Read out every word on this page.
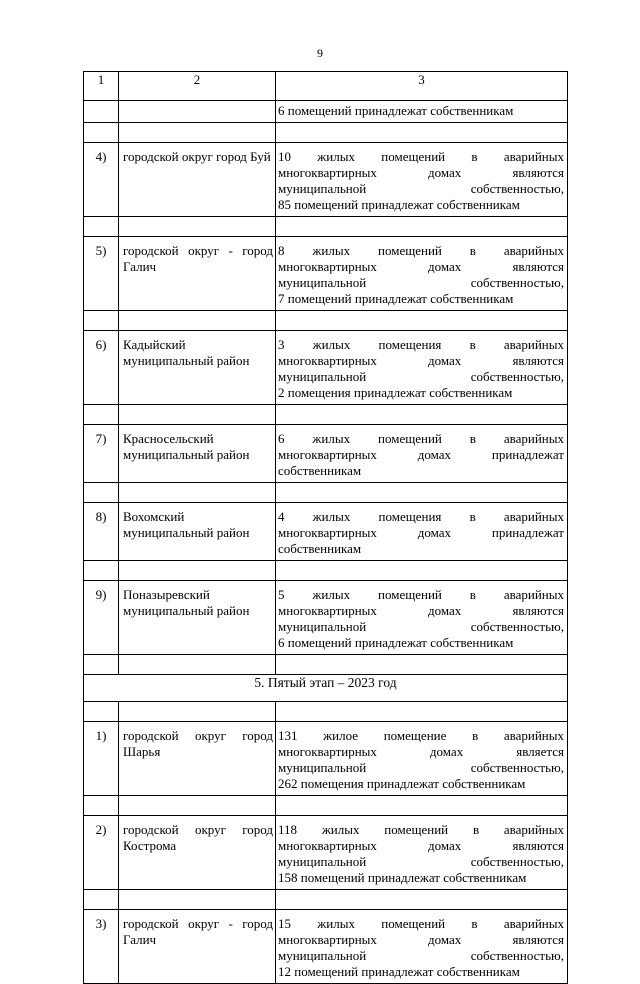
9
1	2	3
		6 помещений принадлежат собственникам

4)	городской округ город Буй	10 жилых помещений в аварийных
многоквартирных домах являются
муниципальной собственностью,
85 помещений принадлежат собственникам

5)	городской округ - город Галич	8 жилых помещений в аварийных
многоквартирных домах являются
муниципальной собственностью,
7 помещений принадлежат собственникам

6)	Кадыйский муниципальный район	3 жилых помещения в аварийных
многоквартирных домах являются
муниципальной собственностью,
2 помещения принадлежат собственникам

7)	Красносельский муниципальный район	6 жилых помещений в аварийных
многоквартирных домах принадлежат
собственникам

8)	Вохомский муниципальный район	4 жилых помещения в аварийных
многоквартирных домах принадлежат
собственникам

9)	Поназыревский муниципальный район	5 жилых помещений в аварийных
многоквартирных домах являются
муниципальной собственностью,
6 помещений принадлежат собственникам

5. Пятый этап – 2023 год		

1)	городской округ город Шарья	131 жилое помещение в аварийных
многоквартирных домах является
муниципальной собственностью,
262 помещения принадлежат собственникам

2)	городской округ город Кострома	118 жилых помещений в аварийных
многоквартирных домах являются
муниципальной собственностью,
158 помещений принадлежат собственникам

3)	городской округ - город Галич	15 жилых помещений в аварийных
многоквартирных домах являются
муниципальной собственностью,
12 помещений принадлежат собственникам
